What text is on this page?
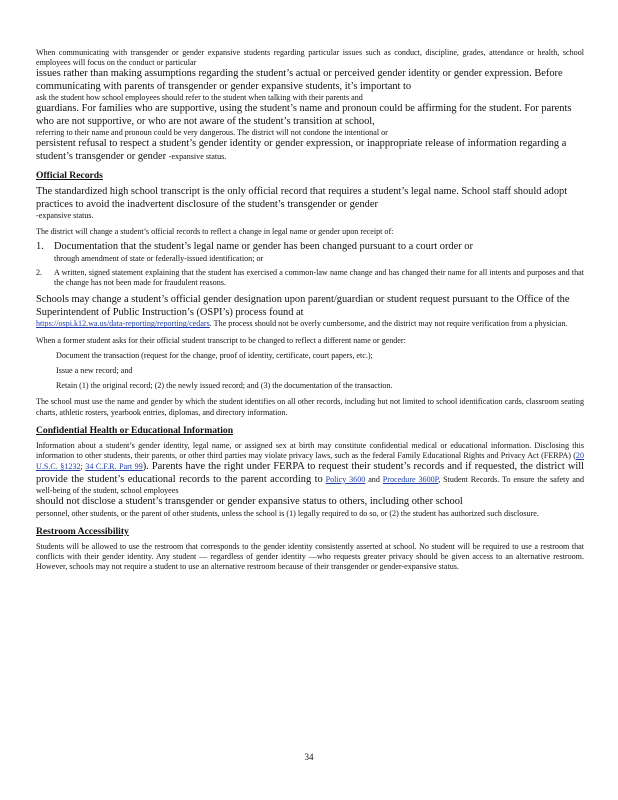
When communicating with transgender or gender expansive students regarding particular issues such as conduct, discipline, grades, attendance or health, school employees will focus on the conduct or particular

issues rather than making assumptions regarding the student’s actual or perceived gender identity or gender expression. Before communicating with parents of transgender or gender expansive students, it’s important to

ask the student how school employees should refer to the student when talking with their parents and

guardians. For families who are supportive, using the student’s name and pronoun could be affirming for the student. For parents who are not supportive, or who are not aware of the student’s transition at school,

referring to their name and pronoun could be very dangerous. The district will not condone the intentional or

persistent refusal to respect a student’s gender identity or gender expression, or inappropriate release of information regarding a student’s transgender or gender -expansive status.

Official Records

The standardized high school transcript is the only official record that requires a student’s legal name. School staff should adopt practices to avoid the inadvertent disclosure of the student’s transgender or gender

-expansive status.

The district will change a student’s official records to reflect a change in legal name or gender upon receipt of:

1. Documentation that the student’s legal name or gender has been changed pursuant to a court order or

through amendment of state or federally-issued identification; or

2.	A written, signed statement explaining that the student has exercised a common-law name change and has changed their name for all intents and purposes and that the change has not been made for fraudulent reasons.

Schools may change a student’s official gender designation upon parent/guardian or student request pursuant to the Office of the Superintendent of Public Instruction’s (OSPI’s) process found at

https://ospi.k12.wa.us/data-reporting/reporting/cedars. The process should not be overly cumbersome, and the district may not require verification from a physician.

When a former student asks for their official student transcript to be changed to reflect a different name or gender:

Document the transaction (request for the change, proof of identity, certificate, court papers, etc.);
Issue a new record; and
Retain (1) the original record; (2) the newly issued record; and (3) the documentation of the transaction.

The school must use the name and gender by which the student identifies on all other records, including but not limited to school identification cards, classroom seating charts, athletic rosters, yearbook entries, diplomas, and directory information.

Confidential Health or Educational Information

Information about a student’s gender identity, legal name, or assigned sex at birth may constitute confidential medical or educational information. Disclosing this information to other students, their parents, or other third parties may violate privacy laws, such as the federal Family Educational Rights and Privacy Act (FERPA) (20 U.S.C. §1232; 34 C.F.R. Part 99). Parents have the right under FERPA to request their student’s records and if requested, the district will provide the student’s educational records to the parent according to Policy 3600 and Procedure 3600P, Student Records. To ensure the safety and well-being of the student, school employees

should not disclose a student’s transgender or gender expansive status to others, including other school

personnel, other students, or the parent of other students, unless the school is (1) legally required to do so, or (2) the student has authorized such disclosure.

Restroom Accessibility

Students will be allowed to use the restroom that corresponds to the gender identity consistently asserted at school. No student will be required to use a restroom that conflicts with their gender identity. Any student — regardless of gender identity —who requests greater privacy should be given access to an alternative restroom. However, schools may not require a student to use an alternative restroom because of their transgender or gender-expansive status.

34
